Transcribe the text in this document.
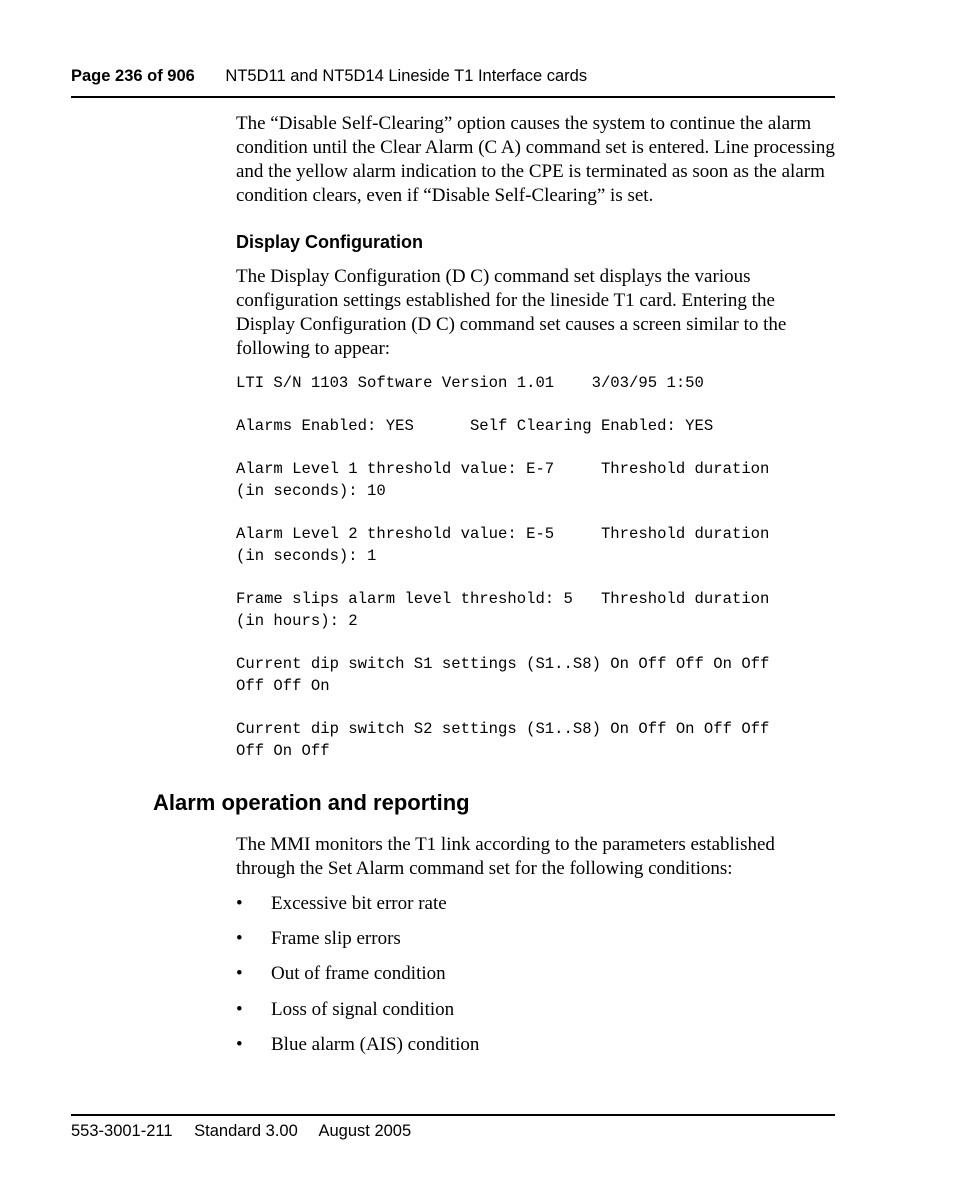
Page 236 of 906 NT5D11 and NT5D14 Lineside T1 Interface cards

The “Disable Self-Clearing” option causes the system to continue the alarm condition until the Clear Alarm (C A) command set is entered. Line processing and the yellow alarm indication to the CPE is terminated as soon as the alarm condition clears, even if “Disable Self-Clearing” is set.

Display Configuration

The Display Configuration (D C) command set displays the various configuration settings established for the lineside T1 card. Entering the Display Configuration (D C) command set causes a screen similar to the following to appear:

LTI S/N 1103 Software Version 1.01    3/03/95 1:50
Alarms Enabled: YES      Self Clearing Enabled: YES
Alarm Level 1 threshold value: E-7     Threshold duration
(in seconds): 10
Alarm Level 2 threshold value: E-5     Threshold duration
(in seconds): 1
Frame slips alarm level threshold: 5   Threshold duration
(in hours): 2
Current dip switch S1 settings (S1..S8) On Off Off On Off
Off Off On
Current dip switch S2 settings (S1..S8) On Off On Off Off
Off On Off
Alarm operation and reporting

The MMI monitors the T1 link according to the parameters established through the Set Alarm command set for the following conditions:

• Excessive bit error rate
• Frame slip errors
• Out of frame condition
• Loss of signal condition
• Blue alarm (AIS) condition
553-3001-211 Standard 3.00 August 2005
